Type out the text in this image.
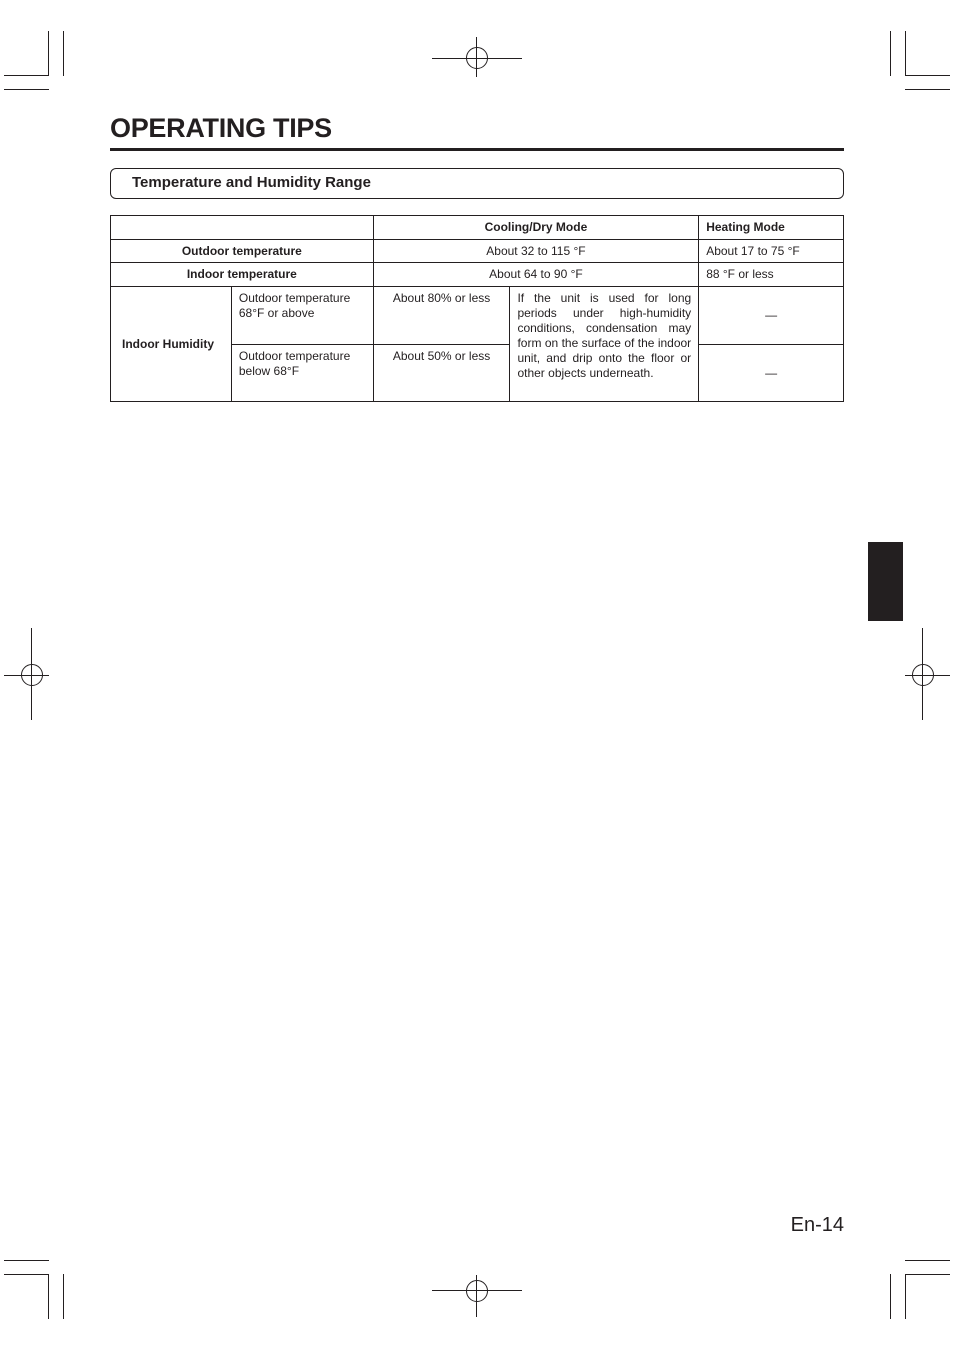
OPERATING TIPS
Temperature and Humidity Range
		Cooling/Dry Mode		Heating Mode
Outdoor temperature		About 32 to 115 °F		About 17 to 75 °F
Indoor temperature		About 64 to 90 °F		88 °F or less
Indoor Humidity	Outdoor temperature 68°F or above	About 80% or less	If the unit is used for long periods under high-humidity conditions, condensation may form on the surface of the indoor unit, and drip onto the floor or other objects underneath.	—
	Outdoor temperature below 68°F	About 50% or less		—
En-14
